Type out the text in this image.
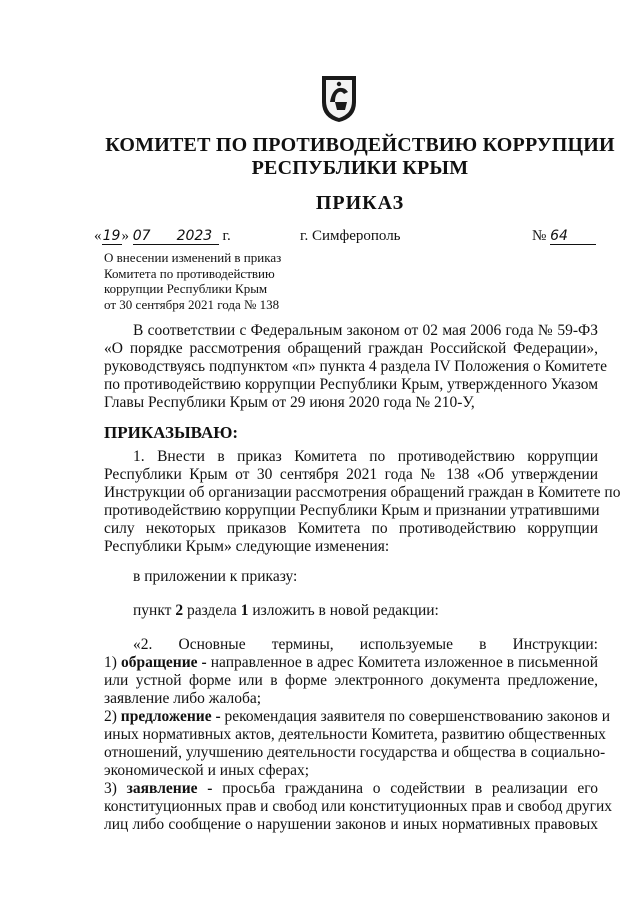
КОМИТЕТ ПО ПРОТИВОДЕЙСТВИЮ КОРРУПЦИИ
РЕСПУБЛИКИ КРЫМ
ПРИКАЗ
«19» 07 2023 г.	г. Симферополь	№ 64
О внесении изменений в приказ
Комитета по противодействию
коррупции Республики Крым
от 30 сентября 2021 года № 138
В соответствии с Федеральным законом от 02 мая 2006 года № 59-ФЗ
«О порядке рассмотрения обращений граждан Российской Федерации»,
руководствуясь подпунктом «п» пункта 4 раздела IV Положения о Комитете
по противодействию коррупции Республики Крым, утвержденного Указом
Главы Республики Крым от 29 июня 2020 года № 210-У,
ПРИКАЗЫВАЮ:
1. Внести в приказ Комитета по противодействию коррупции
Республики Крым от 30 сентября 2021 года № 138 «Об утверждении
Инструкции об организации рассмотрения обращений граждан в Комитете по
противодействию коррупции Республики Крым и признании утратившими
силу некоторых приказов Комитета по противодействию коррупции
Республики Крым» следующие изменения:
в приложении к приказу:
пункт 2 раздела 1 изложить в новой редакции:
«2. Основные термины, используемые в Инструкции:
1) обращение - направленное в адрес Комитета изложенное в письменной
или устной форме или в форме электронного документа предложение,
заявление либо жалоба;
2) предложение - рекомендация заявителя по совершенствованию законов и
иных нормативных актов, деятельности Комитета, развитию общественных
отношений, улучшению деятельности государства и общества в социально-
экономической и иных сферах;
3) заявление - просьба гражданина о содействии в реализации его
конституционных прав и свобод или конституционных прав и свобод других
лиц либо сообщение о нарушении законов и иных нормативных правовых
